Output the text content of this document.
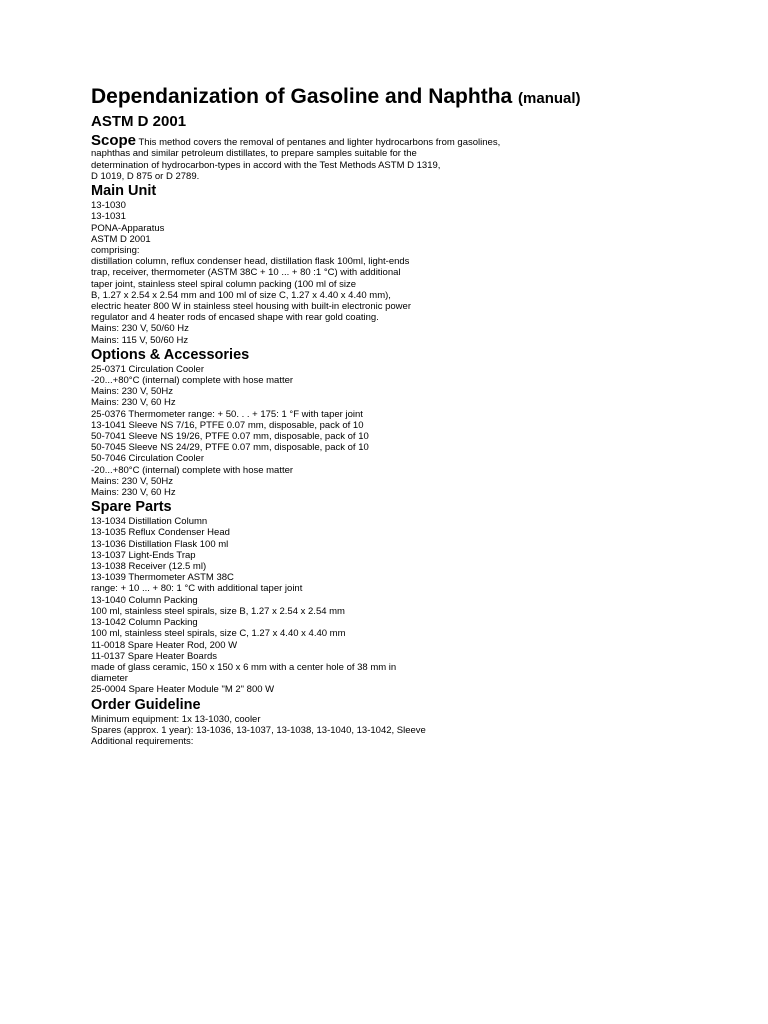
Dependanization of Gasoline and Naphtha (manual)
ASTM D 2001
Scope This method covers the removal of pentanes and lighter hydrocarbons from gasolines,
naphthas and similar petroleum distillates, to prepare samples suitable for the
determination of hydrocarbon-types in accord with the Test Methods ASTM D 1319,
D 1019, D 875 or D 2789.
Main Unit
13-1030
13-1031
PONA-Apparatus
ASTM D 2001
comprising:
distillation column, reflux condenser head, distillation flask 100ml, light-ends
trap, receiver, thermometer (ASTM 38C + 10 ... + 80 :1 °C) with additional
taper joint, stainless steel spiral column packing (100 ml of size
B, 1.27 x 2.54 x 2.54 mm and 100 ml of size C, 1.27 x 4.40 x 4.40 mm),
electric heater 800 W in stainless steel housing with built-in electronic power
regulator and 4 heater rods of encased shape with rear gold coating.
Mains: 230 V, 50/60 Hz
Mains: 115 V, 50/60 Hz
Options & Accessories
25-0371 Circulation Cooler
-20...+80°C (internal) complete with hose matter
Mains: 230 V, 50Hz
Mains: 230 V, 60 Hz
25-0376 Thermometer range: + 50. . . + 175: 1 °F with taper joint
13-1041 Sleeve NS 7/16, PTFE 0.07 mm, disposable, pack of 10
50-7041 Sleeve NS 19/26, PTFE 0.07 mm, disposable, pack of 10
50-7045 Sleeve NS 24/29, PTFE 0.07 mm, disposable, pack of 10
50-7046 Circulation Cooler
-20...+80°C (internal) complete with hose matter
Mains: 230 V, 50Hz
Mains: 230 V, 60 Hz
Spare Parts
13-1034 Distillation Column
13-1035 Reflux Condenser Head
13-1036 Distillation Flask 100 ml
13-1037 Light-Ends Trap
13-1038 Receiver (12.5 ml)
13-1039 Thermometer ASTM 38C
range: + 10 ... + 80: 1 °C with additional taper joint
13-1040 Column Packing
100 ml, stainless steel spirals, size B, 1.27 x 2.54 x 2.54 mm
13-1042 Column Packing
100 ml, stainless steel spirals, size C, 1.27 x 4.40 x 4.40 mm
11-0018 Spare Heater Rod, 200 W
11-0137 Spare Heater Boards
made of glass ceramic, 150 x 150 x 6 mm with a center hole of 38 mm in
diameter
25-0004 Spare Heater Module "M 2" 800 W
Order Guideline
Minimum equipment: 1x 13-1030, cooler
Spares (approx. 1 year): 13-1036, 13-1037, 13-1038, 13-1040, 13-1042, Sleeve
Additional requirements:
